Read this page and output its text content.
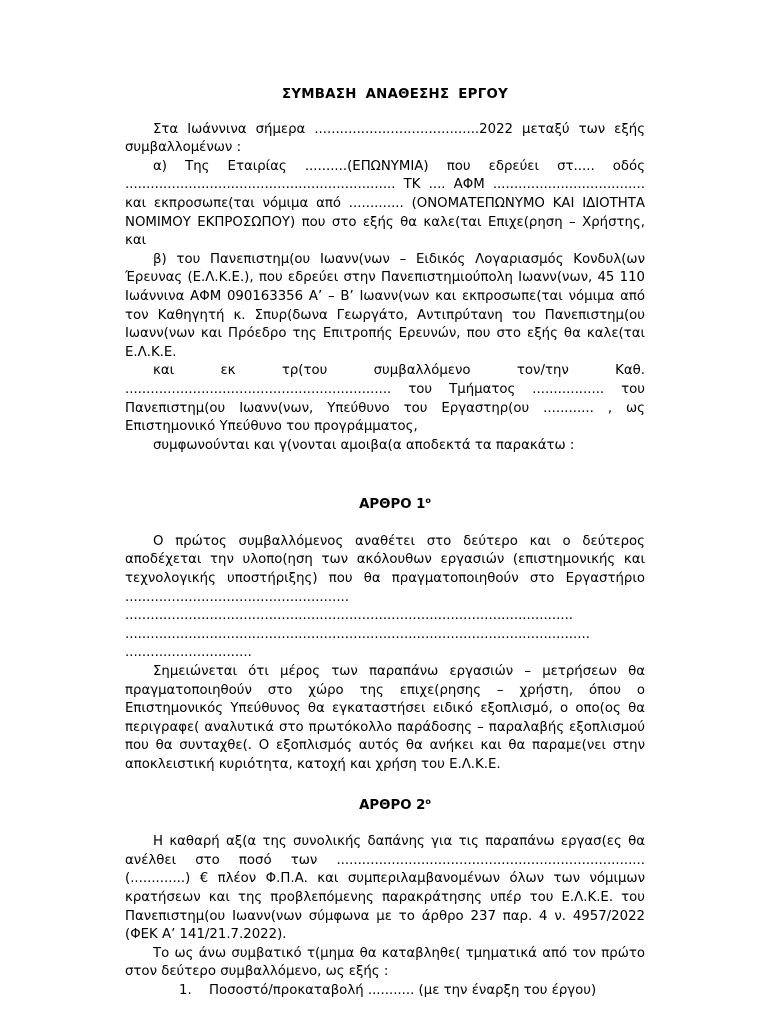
ΣΥΜΒΑΣΗ ΑΝΑΘΕΣΗΣ ΕΡΓΟΥ

Στα Ιωάννινα σήμερα .......................................2022 μεταξύ των εξής συμβαλλομένων :

α) Της Εταιρίας ..........(ΕΠΩΝΥΜΙΑ) που εδρεύει στ..... οδός ................................................................ ΤΚ .... ΑΦΜ .................................... και εκπροσωπε(ται νόμιμα από ............. (ΟΝΟΜΑΤΕΠΩΝΥΜΟ ΚΑΙ ΙΔΙΟΤΗΤΑ ΝΟΜΙΜΟΥ ΕΚΠΡΟΣΩΠΟΥ) που στο εξής θα καλε(ται Επιχε(ρηση – Χρήστης, και

β) του Πανεπιστημ(ου Ιωανν(νων – Ειδικός Λογαριασμός Κονδυλ(ων Έρευνας (Ε.Λ.Κ.Ε.), που εδρεύει στην Πανεπιστημιούπολη Ιωανν(νων, 45 110 Ιωάννινα ΑΦΜ 090163356 Α’ – Β’ Ιωανν(νων και εκπροσωπε(ται νόμιμα από τον Καθηγητή κ. Σπυρ(δωνα Γεωργάτο, Αντιπρύτανη του Πανεπιστημ(ου Ιωανν(νων και Πρόεδρο της Επιτροπής Ερευνών, που στο εξής θα καλε(ται Ε.Λ.Κ.Ε.

και εκ τρ(του συμβαλλόμενο τον/την Καθ. ............................................................... του Τμήματος ................. του Πανεπιστημ(ου Ιωανν(νων, Υπεύθυνο του Εργαστηρ(ου ............ , ως Επιστημονικό Υπεύθυνο του προγράμματος,

συμφωνούνται και γ(νονται αμοιβα(α αποδεκτά τα παρακάτω :

ΑΡΘΡΟ $1^o$

Ο πρώτος συμβαλλόμενος αναθέτει στο δεύτερο και ο δεύτερος αποδέχεται την υλοπο(ηση των ακόλουθων εργασιών (επιστημονικής και τεχνολογικής υποστήριξης) που θα πραγματοποιηθούν στο Εργαστήριο .....................................................

..........................................................................................................

..............................................................................................................

..............................

Σημειώνεται ότι μέρος των παραπάνω εργασιών – μετρήσεων θα πραγματοποιηθούν στο χώρο της επιχε(ρησης – χρήστη, όπου ο Επιστημονικός Υπεύθυνος θα εγκαταστήσει ειδικό εξοπλισμό, ο οπο(ος θα περιγραφε( αναλυτικά στο πρωτόκολλο παράδοσης – παραλαβής εξοπλισμού που θα συνταχθε(. Ο εξοπλισμός αυτός θα ανήκει και θα παραμε(νει στην αποκλειστική κυριότητα, κατοχή και χρήση του Ε.Λ.Κ.Ε.

ΑΡΘΡΟ $2^o$

Η καθαρή αξ(α της συνολικής δαπάνης για τις παραπάνω εργασ(ες θα ανέλθει στο ποσό των ......................................................................... (.............) € πλέον Φ.Π.Α. και συμπεριλαμβανομένων όλων των νόμιμων κρατήσεων και της προβλεπόμενης παρακράτησης υπέρ του Ε.Λ.Κ.Ε. του Πανεπιστημ(ου Ιωανν(νων σύμφωνα με το άρθρο 237 παρ. 4 ν. 4957/2022 (ΦΕΚ Α’ 141/21.7.2022).

Το ως άνω συμβατικό τ(μημα θα καταβληθε( τμηματικά από τον πρώτο στον δεύτερο συμβαλλόμενο, ως εξής :

1. Ποσοστό/προκαταβολή ........... (με την έναρξη του έργου)
